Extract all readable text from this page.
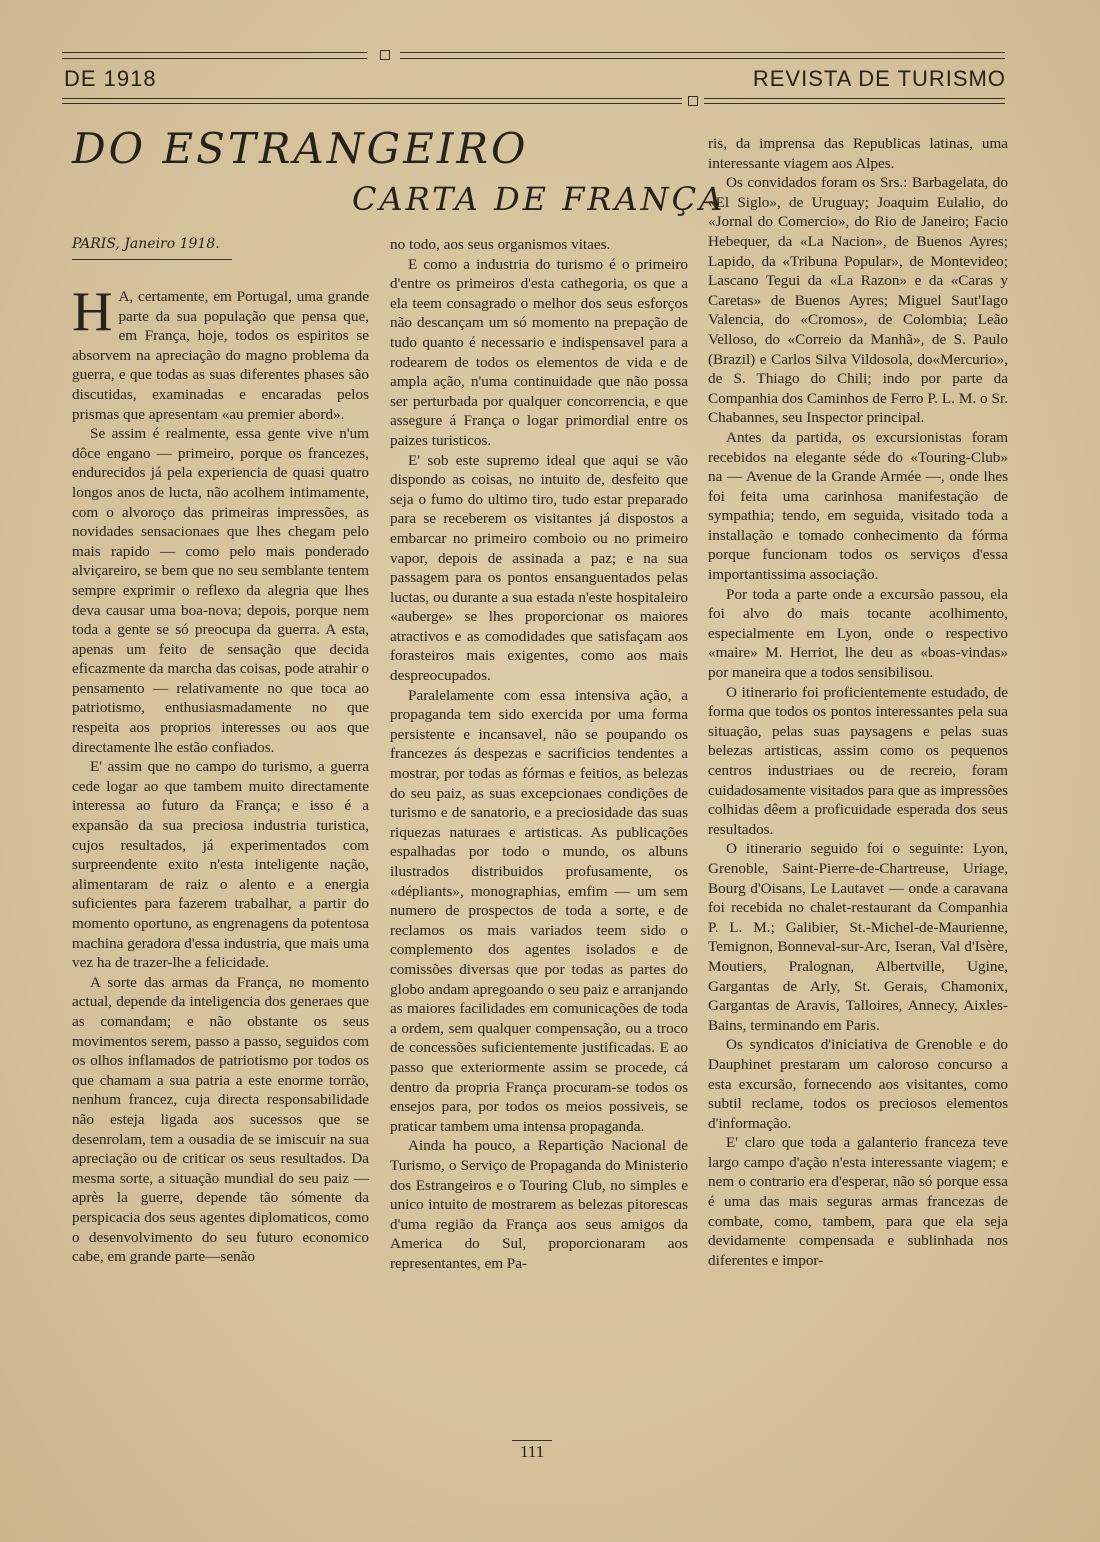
DE 1918	REVISTA DE TURISMO
DO ESTRANGEIRO
CARTA DE FRANÇA
PARIS, Janeiro 1918.

H A, certamente, em Portugal, uma grande parte da sua população que pensa que, em França, hoje, todos os espiritos se absorvem na apreciação do magno problema da guerra, e que todas as suas diferentes phases são discutidas, examinadas e encaradas pelos prismas que apresentam «au premier abord».

Se assim é realmente, essa gente vive n'um dôce engano — primeiro, porque os francezes, endurecidos já pela experiencia de quasi quatro longos anos de lucta, não acolhem intimamente, com o alvoroço das primeiras impressões, as novidades sensacionaes que lhes chegam pelo mais rapido — como pelo mais ponderado alviçareiro, se bem que no seu semblante tentem sempre exprimir o reflexo da alegria que lhes deva causar uma boa-nova; depois, porque nem toda a gente se só preocupa da guerra. A esta, apenas um feito de sensação que decida eficazmente da marcha das coisas, pode atrahir o pensamento — relativamente no que toca ao patriotismo, enthusiasmadamente no que respeita aos proprios interesses ou aos que directamente lhe estão confiados.

E' assim que no campo do turismo, a guerra cede logar ao que tambem muito directamente interessa ao futuro da França; e isso é a expansão da sua preciosa industria turistica, cujos resultados, já experimentados com surpreendente exito n'esta inteligente nação, alimentaram de raiz o alento e a energia suficientes para fazerem trabalhar, a partir do momento oportuno, as engrenagens da potentosa machina geradora d'essa industria, que mais uma vez ha de trazer-lhe a felicidade.

A sorte das armas da França, no momento actual, depende da inteligencia dos generaes que as comandam; e não obstante os seus movimentos serem, passo a passo, seguidos com os olhos inflamados de patriotismo por todos os que chamam a sua patria a este enorme torrão, nenhum francez, cuja directa responsabilidade não esteja ligada aos sucessos que se desenrolam, tem a ousadia de se imiscuir na sua apreciação ou de criticar os seus resultados. Da mesma sorte, a situação mundial do seu paiz — après la guerre, depende tão sómente da perspicacia dos seus agentes diplomaticos, como o desenvolvimento do seu futuro economico cabe, em grande parte—senão

no todo, aos seus organismos vitaes.

E como a industria do turismo é o primeiro d'entre os primeiros d'esta cathegoria, os que a ela teem consagrado o melhor dos seus esforços não descançam um só momento na prepação de tudo quanto é necessario e indispensavel para a rodearem de todos os elementos de vida e de ampla ação, n'uma continuidade que não possa ser perturbada por qualquer concorrencia, e que assegure á França o logar primordial entre os paizes turisticos.

E' sob este supremo ideal que aqui se vão dispondo as coisas, no intuito de, desfeito que seja o fumo do ultimo tiro, tudo estar preparado para se receberem os visitantes já dispostos a embarcar no primeiro comboio ou no primeiro vapor, depois de assinada a paz; e na sua passagem para os pontos ensanguentados pelas luctas, ou durante a sua estada n'este hospitaleiro «auberge» se lhes proporcionar os maiores atractivos e as comodidades que satisfaçam aos forasteiros mais exigentes, como aos mais despreocupados.

Paralelamente com essa intensiva ação, a propaganda tem sido exercida por uma forma persistente e incansavel, não se poupando os francezes ás despezas e sacrificios tendentes a mostrar, por todas as fórmas e feitios, as belezas do seu paiz, as suas excepcionaes condições de turismo e de sanatorio, e a preciosidade das suas riquezas naturaes e artisticas. As publicações espalhadas por todo o mundo, os albuns ilustrados distribuidos profusamente, os «dépliants», monographias, emfim — um sem numero de prospectos de toda a sorte, e de reclamos os mais variados teem sido o complemento dos agentes isolados e de comissões diversas que por todas as partes do globo andam apregoando o seu paiz e arranjando as maiores facilidades em comunicações de toda a ordem, sem qualquer compensação, ou a troco de concessões suficientemente justificadas. E ao passo que exteriormente assim se procede, cá dentro da propria França procuram-se todos os ensejos para, por todos os meios possiveis, se praticar tambem uma intensa propaganda.

Ainda ha pouco, a Repartição Nacional de Turismo, o Serviço de Propaganda do Ministerio dos Estrangeiros e o Touring Club, no simples e unico intuito de mostrarem as belezas pitorescas d'uma região da França aos seus amigos da America do Sul, proporcionaram aos representantes, em Pa-

ris, da imprensa das Republicas latinas, uma interessante viagem aos Alpes.

Os convidados foram os Srs.: Barbagelata, do «El Siglo», de Uruguay; Joaquim Eulalio, do «Jornal do Comercio», do Rio de Janeiro; Facio Hebequer, da «La Nacion», de Buenos Ayres; Lapido, da «Tribuna Popular», de Montevideo; Lascano Tegui da «La Razon» e da «Caras y Caretas» de Buenos Ayres; Miguel Saut'Iago Valencia, do «Cromos», de Colombia; Leão Velloso, do «Correio da Manhã», de S. Paulo (Brazil) e Carlos Silva Vildosola, do«Mercurio», de S. Thiago do Chili; indo por parte da Companhia dos Caminhos de Ferro P. L. M. o Sr. Chabannes, seu Inspector principal.

Antes da partida, os excursionistas foram recebidos na elegante séde do «Touring-Club» na — Avenue de la Grande Armée —, onde lhes foi feita uma carinhosa manifestação de sympathia; tendo, em seguida, visitado toda a installação e tomado conhecimento da fórma porque funcionam todos os serviços d'essa importantissima associação.

Por toda a parte onde a excursão passou, ela foi alvo do mais tocante acolhimento, especialmente em Lyon, onde o respectivo «maire» M. Herriot, lhe deu as «boas-vindas» por maneira que a todos sensibilisou.

O itinerario foi proficientemente estudado, de forma que todos os pontos interessantes pela sua situação, pelas suas paysagens e pelas suas belezas artisticas, assim como os pequenos centros industriaes ou de recreio, foram cuidadosamente visitados para que as impressões colhidas dêem a proficuidade esperada dos seus resultados.

O itinerario seguido foi o seguinte: Lyon, Grenoble, Saint-Pierre-de-Chartreuse, Uriage, Bourg d'Oisans, Le Lautavet — onde a caravana foi recebida no chalet-restaurant da Companhia P. L. M.; Galibier, St.-Michel-de-Maurienne, Temignon, Bonneval-sur-Arc, Iseran, Val d'Isère, Moutiers, Pralognan, Albertville, Ugine, Gargantas de Arly, St. Gerais, Chamonix, Gargantas de Aravis, Talloires, Annecy, Aixles-Bains, terminando em Paris.

Os syndicatos d'iniciativa de Grenoble e do Dauphinet prestaram um caloroso concurso a esta excursão, fornecendo aos visitantes, como subtil reclame, todos os preciosos elementos d'informação.

E' claro que toda a galanterio franceza teve largo campo d'ação n'esta interessante viagem; e nem o contrario era d'esperar, não só porque essa é uma das mais seguras armas francezas de combate, como, tambem, para que ela seja devidamente compensada e sublinhada nos diferentes e impor-

111
